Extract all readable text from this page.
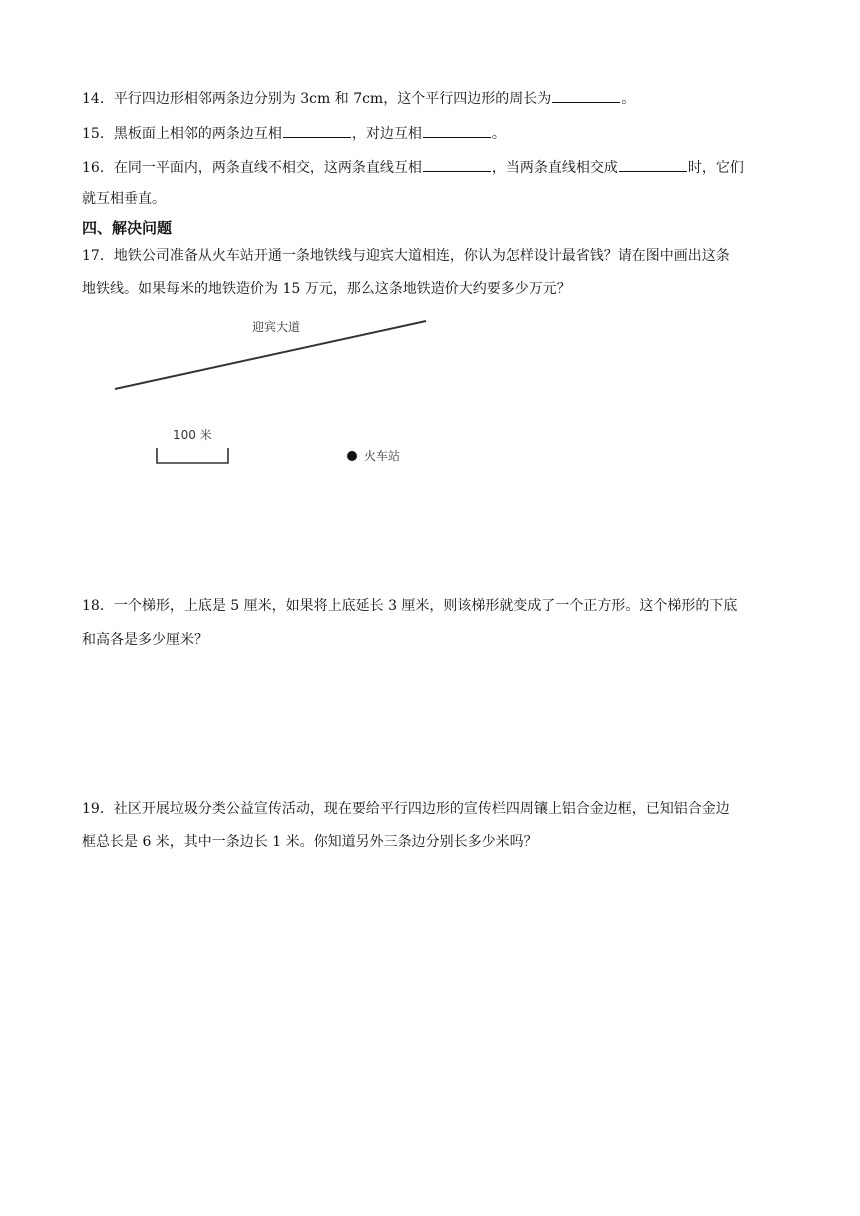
14．平行四边形相邻两条边分别为 3cm 和 7cm，这个平行四边形的周长为	。
15．黑板面上相邻的两条边互相	，对边互相	。
16．在同一平面内，两条直线不相交，这两条直线互相	，当两条直线相交成	时，它们
就互相垂直。
四、解决问题
17．地铁公司准备从火车站开通一条地铁线与迎宾大道相连，你认为怎样设计最省钱？请在图中画出这条
地铁线。如果每米的地铁造价为 15 万元，那么这条地铁造价大约要多少万元？
迎宾大道
100 米
火车站
18．一个梯形，上底是 5 厘米，如果将上底延长 3 厘米，则该梯形就变成了一个正方形。这个梯形的下底
和高各是多少厘米？
19．社区开展垃圾分类公益宣传活动，现在要给平行四边形的宣传栏四周镶上铝合金边框，已知铝合金边
框总长是 6 米，其中一条边长 1 米。你知道另外三条边分别长多少米吗？
